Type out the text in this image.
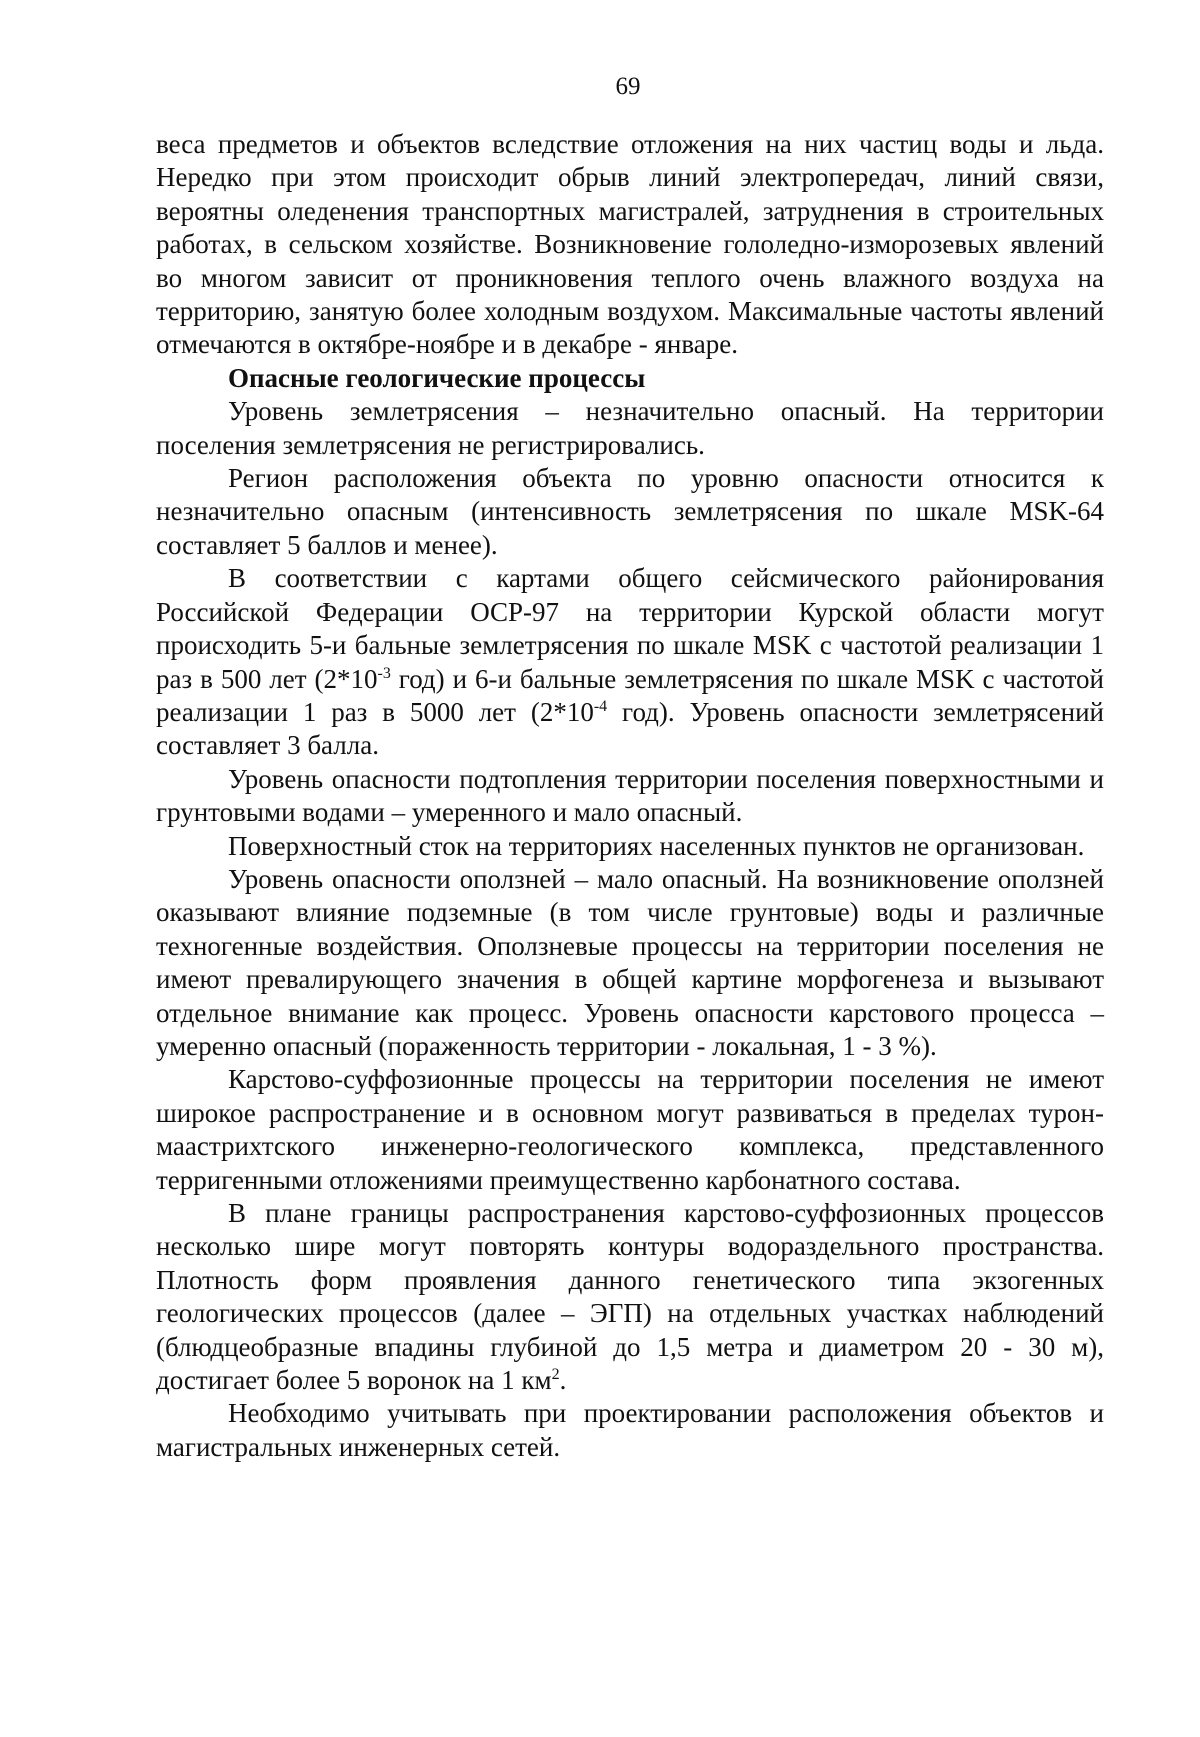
69

веса предметов и объектов вследствие отложения на них частиц воды и льда. Нередко при этом происходит обрыв линий электропередач, линий связи, вероятны оледенения транспортных магистралей, затруднения в строительных работах, в сельском хозяйстве. Возникновение гололедно-изморозевых явлений во многом зависит от проникновения теплого очень влажного воздуха на территорию, занятую более холодным воздухом. Максимальные частоты явлений отмечаются в октябре-ноябре и в декабре - январе.

Опасные геологические процессы

Уровень землетрясения – незначительно опасный. На территории поселения землетрясения не регистрировались.

Регион расположения объекта по уровню опасности относится к незначительно опасным (интенсивность землетрясения по шкале MSK-64 составляет 5 баллов и менее).

В соответствии с картами общего сейсмического районирования Российской Федерации ОСР-97 на территории Курской области могут происходить 5-и бальные землетрясения по шкале MSK с частотой реализации 1 раз в 500 лет ($2*10^{-3}$ год) и 6-и бальные землетрясения по шкале MSK с частотой реализации 1 раз в 5000 лет ($2*10^{-4}$ год). Уровень опасности землетрясений составляет 3 балла.

Уровень опасности подтопления территории поселения поверхностными и грунтовыми водами – умеренного и мало опасный.

Поверхностный сток на территориях населенных пунктов не организован.

Уровень опасности оползней – мало опасный. На возникновение оползней оказывают влияние подземные (в том числе грунтовые) воды и различные техногенные воздействия. Оползневые процессы на территории поселения не имеют превалирующего значения в общей картине морфогенеза и вызывают отдельное внимание как процесс. Уровень опасности карстового процесса – умеренно опасный (пораженность территории - локальная, 1 - 3 %).

Карстово-суффозионные процессы на территории поселения не имеют широкое распространение и в основном могут развиваться в пределах турон-маастрихтского инженерно-геологического комплекса, представленного терригенными отложениями преимущественно карбонатного состава.

В плане границы распространения карстово-суффозионных процессов несколько шире могут повторять контуры водораздельного пространства. Плотность форм проявления данного генетического типа экзогенных геологических процессов (далее – ЭГП) на отдельных участках наблюдений (блюдцеобразные впадины глубиной до 1,5 метра и диаметром 20 - 30 м), достигает более 5 воронок на 1 $км^2$.

Необходимо учитывать при проектировании расположения объектов и магистральных инженерных сетей.
